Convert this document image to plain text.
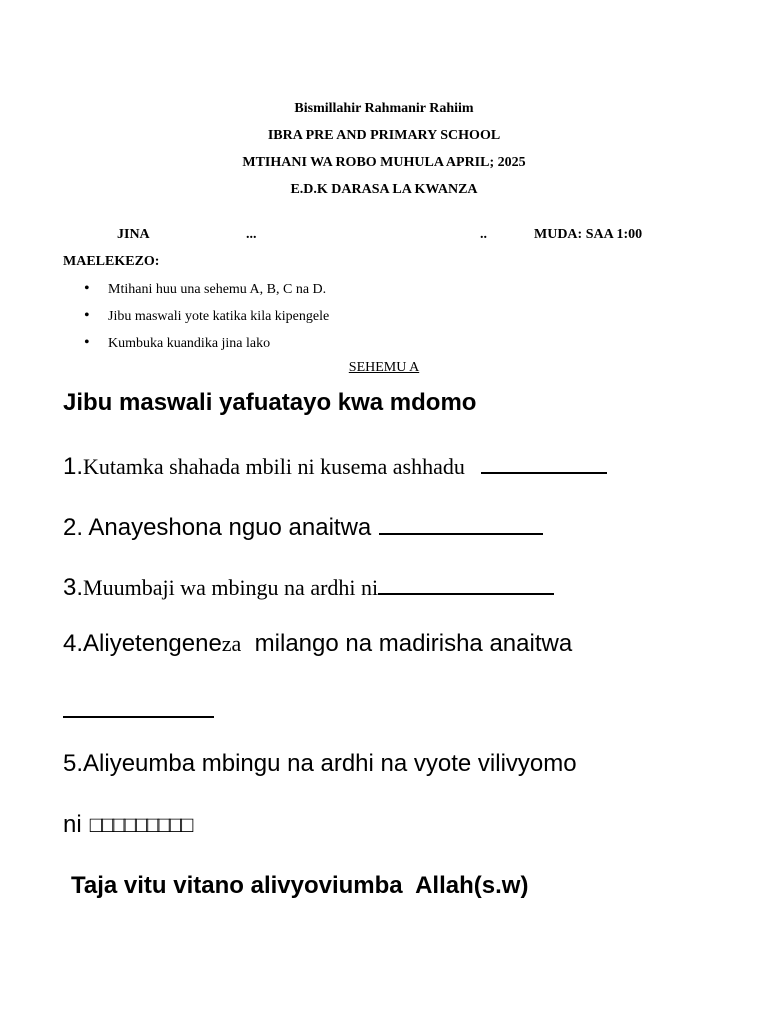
Bismillahir Rahmanir Rahiim
IBRA PRE AND PRIMARY SCHOOL
MTIHANI WA ROBO MUHULA APRIL; 2025
E.D.K DARASA LA KWANZA
JINA	...	..	MUDA: SAA 1:00
MAELEKEZO:
• Mtihani huu una sehemu A, B, C na D.
• Jibu maswali yote katika kila kipengele
• Kumbuka kuandika jina lako
SEHEMU A
Jibu maswali yafuatayo kwa mdomo
1.Kutamka shahada mbili ni kusema ashhadu
2. Anayeshona nguo anaitwa
3.Muumbaji wa mbingu na ardhi ni
4.Aliyetengeneza  milango na madirisha anaitwa
5.Aliyeumba mbingu na ardhi na vyote vilivyomo
ni □□□□□□□□□
Taja vitu vitano alivyoviumba  Allah(s.w)
